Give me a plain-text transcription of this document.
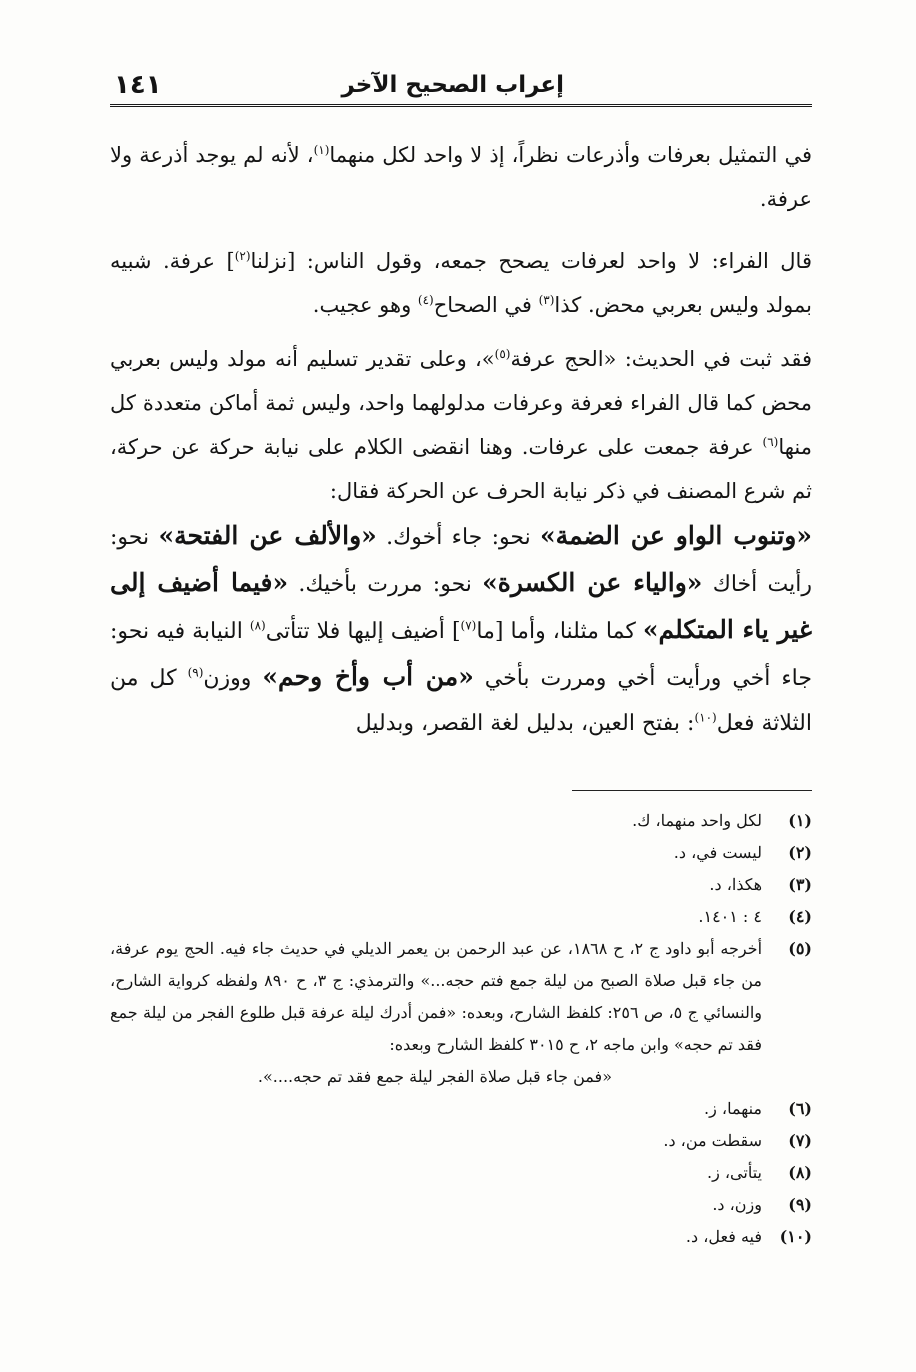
إعراب الصحيح الآخر
١٤١

في التمثيل بعرفات وأذرعات نظراً، إذ لا واحد لكل منهما$^{(١)}$، لأنه لم يوجد أذرعة ولا عرفة.

قال الفراء: لا واحد لعرفات يصحح جمعه، وقول الناس: [نزلنا$^{(٢)}$] عرفة. شبيه بمولد وليس بعربي محض. كذا$^{(٣)}$ في الصحاح$^{(٤)}$ وهو عجيب.

فقد ثبت في الحديث: «الحج عرفة$^{(٥)}$»، وعلى تقدير تسليم أنه مولد وليس بعربي محض كما قال الفراء فعرفة وعرفات مدلولهما واحد، وليس ثمة أماكن متعددة كل منها$^{(٦)}$ عرفة جمعت على عرفات. وهنا انقضى الكلام على نيابة حركة عن حركة، ثم شرع المصنف في ذكر نيابة الحرف عن الحركة فقال:

«وتنوب الواو عن الضمة» نحو: جاء أخوك. «والألف عن الفتحة» نحو: رأيت أخاك «والياء عن الكسرة» نحو: مررت بأخيك. «فيما أضيف إلى غير ياء المتكلم» كما مثلنا، وأما [ما$^{(٧)}$] أضيف إليها فلا تتأتى$^{(٨)}$ النيابة فيه نحو: جاء أخي ورأيت أخي ومررت بأخي «من أب وأخ وحم» ووزن$^{(٩)}$ كل من الثلاثة فعل$^{(١٠)}$: بفتح العين، بدليل لغة القصر، وبدليل

(١)
لكل واحد منهما، ك.
(٢)
ليست في، د.
(٣)
هكذا، د.
(٤)
٤ : ١٤٠١.
(٥)
أخرجه أبو داود ج ٢، ح ١٨٦٨، عن عبد الرحمن بن يعمر الديلي في حديث جاء فيه. الحج يوم عرفة، من جاء قبل صلاة الصبح من ليلة جمع فتم حجه...» والترمذي: ج ٣، ح ٨٩٠ ولفظه كرواية الشارح، والنسائي ج ٥، ص ٢٥٦: كلفظ الشارح، وبعده: «فمن أدرك ليلة عرفة قبل طلوع الفجر من ليلة جمع فقد تم حجه» وابن ماجه ٢، ح ٣٠١٥ كلفظ الشارح وبعده:
«فمن جاء قبل صلاة الفجر ليلة جمع فقد تم حجه....».
(٦)
منهما، ز.
(٧)
سقطت من، د.
(٨)
يتأتى، ز.
(٩)
وزن، د.
(١٠)
فيه فعل، د.
